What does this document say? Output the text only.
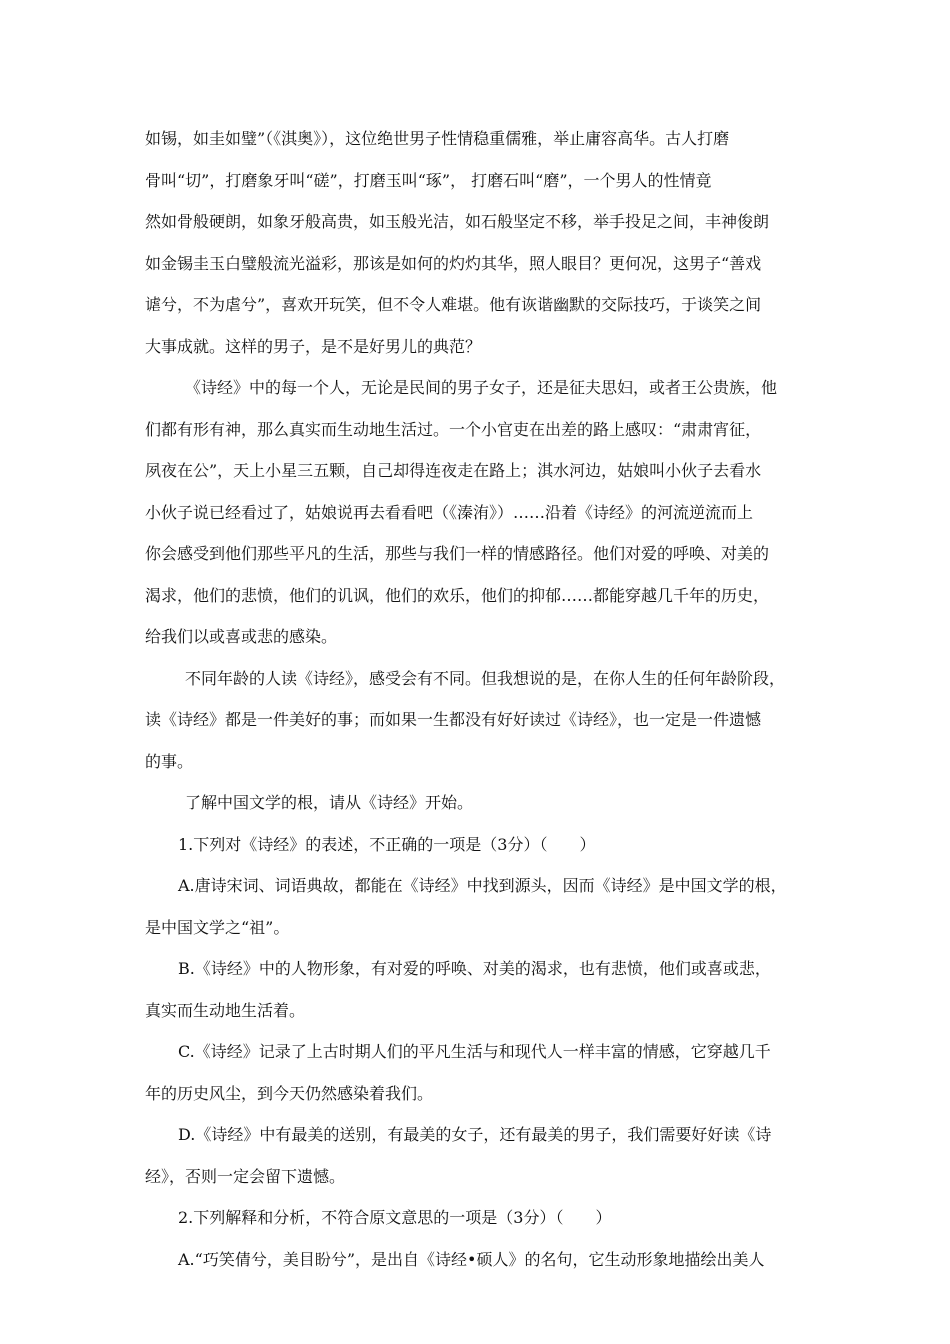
如锡，如圭如璧”（《淇奥》），这位绝世男子性情稳重儒雅，举止庸容高华。古人打磨
骨叫“切”，打磨象牙叫“磋”，打磨玉叫“琢”， 打磨石叫“磨”，一个男人的性情竟
然如骨般硬朗，如象牙般高贵，如玉般光洁，如石般坚定不移，举手投足之间，丰神俊朗
如金锡圭玉白璧般流光溢彩，那该是如何的灼灼其华，照人眼目？更何况，这男子“善戏
谑兮，不为虐兮”，喜欢开玩笑，但不令人难堪。他有诙谐幽默的交际技巧，于谈笑之间
大事成就。这样的男子，是不是好男儿的典范？
《诗经》中的每一个人，无论是民间的男子女子，还是征夫思妇，或者王公贵族，他
们都有形有神，那么真实而生动地生活过。一个小官吏在出差的路上感叹：“肃肃宵征，
夙夜在公”，天上小星三五颗，自己却得连夜走在路上；淇水河边，姑娘叫小伙子去看水
小伙子说已经看过了，姑娘说再去看看吧（《溱洧》）……沿着《诗经》的河流逆流而上
你会感受到他们那些平凡的生活，那些与我们一样的情感路径。他们对爱的呼唤、对美的
渴求，他们的悲愤，他们的讥讽，他们的欢乐，他们的抑郁……都能穿越几千年的历史，
给我们以或喜或悲的感染。
不同年龄的人读《诗经》，感受会有不同。但我想说的是，在你人生的任何年龄阶段，
读《诗经》都是一件美好的事；而如果一生都没有好好读过《诗经》，也一定是一件遗憾
的事。
了解中国文学的根，请从《诗经》开始。
1.下列对《诗经》的表述，不正确的一项是（3分）（　　）
A.唐诗宋词、词语典故，都能在《诗经》中找到源头，因而《诗经》是中国文学的根，
是中国文学之“祖”。
B.《诗经》中的人物形象，有对爱的呼唤、对美的渴求，也有悲愤，他们或喜或悲，
真实而生动地生活着。
C.《诗经》记录了上古时期人们的平凡生活与和现代人一样丰富的情感，它穿越几千
年的历史风尘，到今天仍然感染着我们。
D.《诗经》中有最美的送别，有最美的女子，还有最美的男子，我们需要好好读《诗
经》，否则一定会留下遗憾。
2.下列解释和分析，不符合原文意思的一项是（3分）（　　）
A.“巧笑倩兮，美目盼兮”，是出自《诗经•硕人》的名句，它生动形象地描绘出美人
